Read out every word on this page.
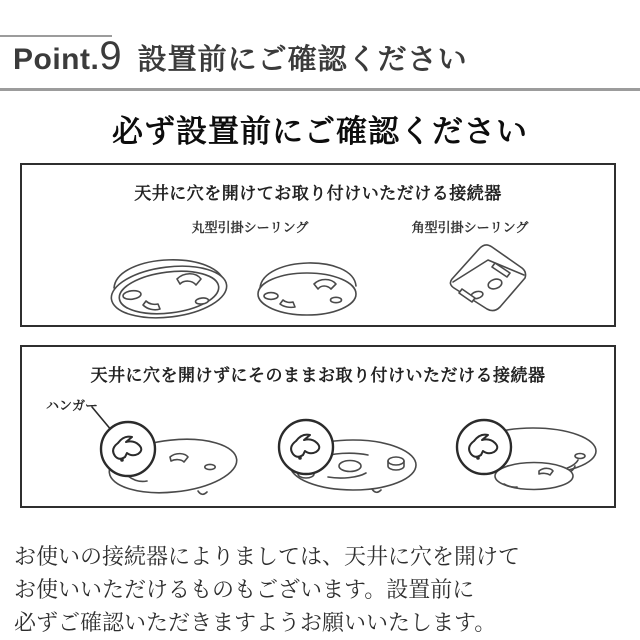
Point. 9 設置前にご確認ください
必ず設置前にご確認ください
天井に穴を開けてお取り付けいただける接続器
丸型引掛シーリング	角型引掛シーリング
天井に穴を開けずにそのままお取り付けいただける接続器
ハンガー
お使いの接続器によりましては、天井に穴を開けて
お使いいただけるものもございます。設置前に
必ずご確認いただきますようお願いいたします。
